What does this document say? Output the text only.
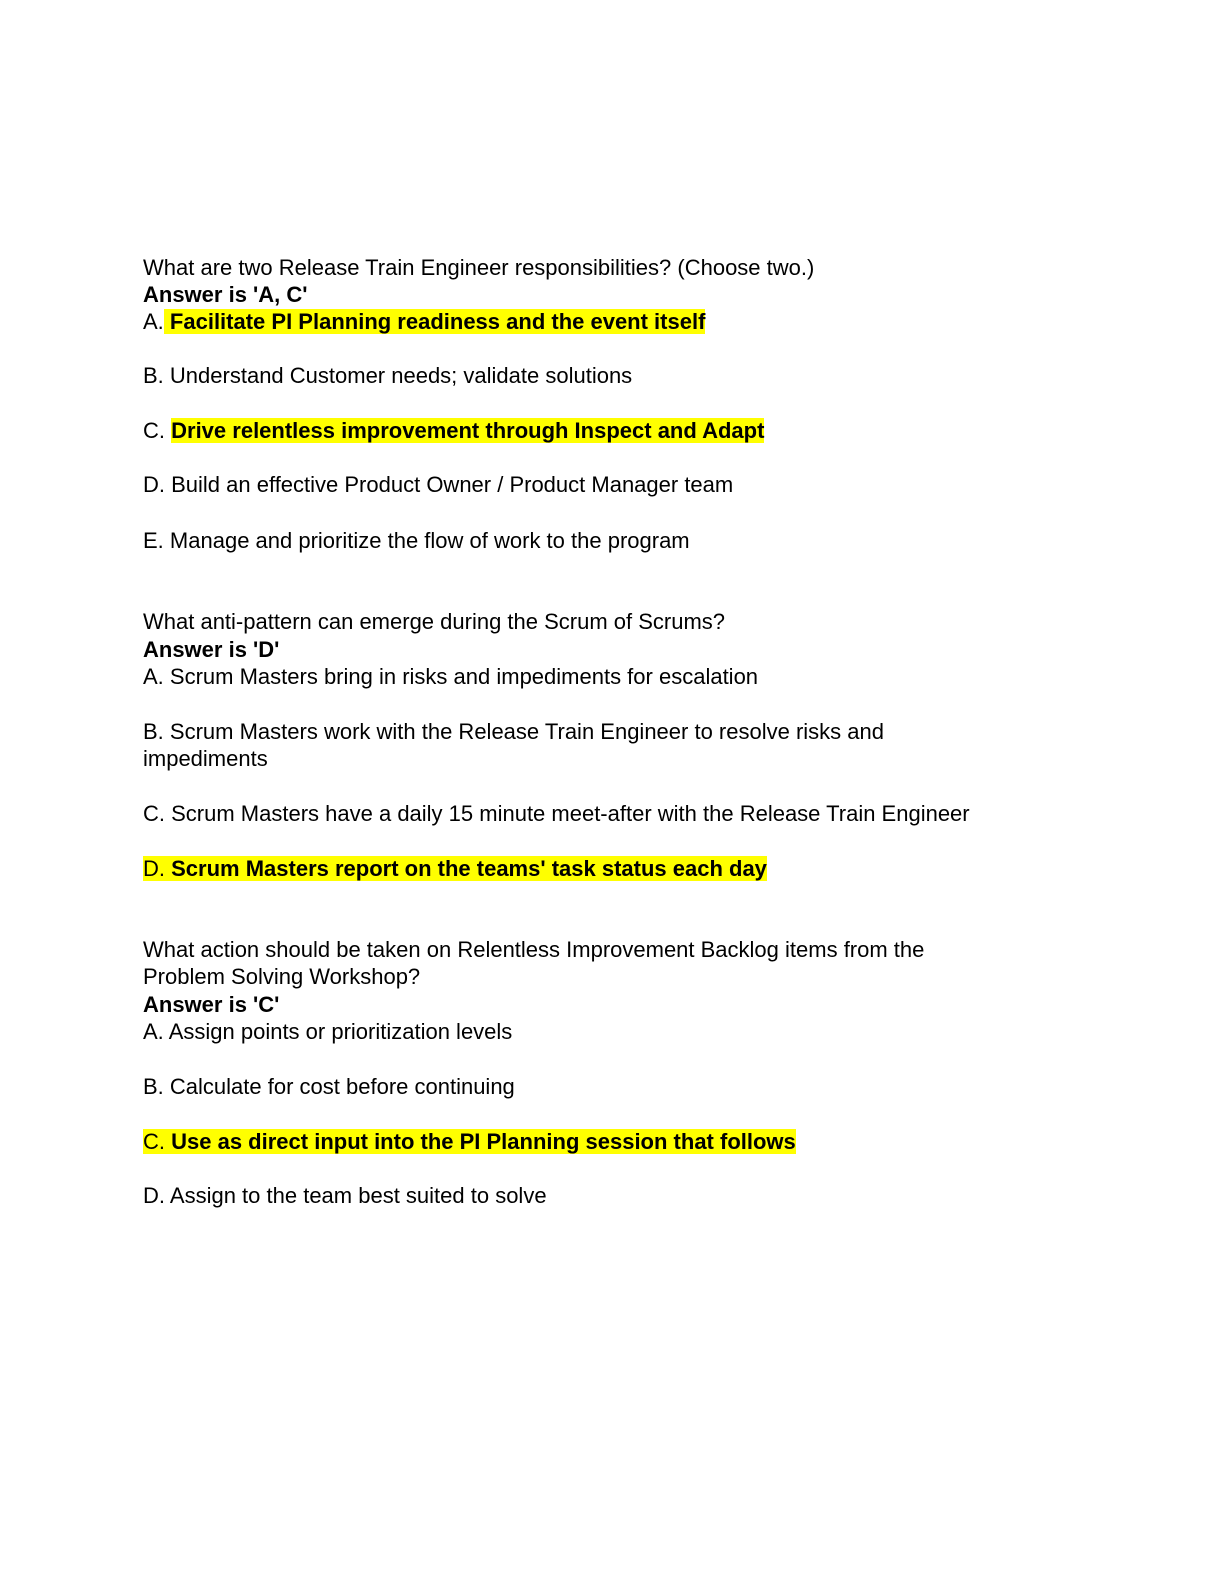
What are two Release Train Engineer responsibilities? (Choose two.)
Answer is 'A, C'
A. Facilitate PI Planning readiness and the event itself
B. Understand Customer needs; validate solutions
C. Drive relentless improvement through Inspect and Adapt
D. Build an effective Product Owner / Product Manager team
E. Manage and prioritize the flow of work to the program
What anti-pattern can emerge during the Scrum of Scrums?
Answer is 'D'
A. Scrum Masters bring in risks and impediments for escalation
B. Scrum Masters work with the Release Train Engineer to resolve risks and
impediments
C. Scrum Masters have a daily 15 minute meet-after with the Release Train Engineer
D. Scrum Masters report on the teams' task status each day
What action should be taken on Relentless Improvement Backlog items from the
Problem Solving Workshop?
Answer is 'C'
A. Assign points or prioritization levels
B. Calculate for cost before continuing
C. Use as direct input into the PI Planning session that follows
D. Assign to the team best suited to solve
